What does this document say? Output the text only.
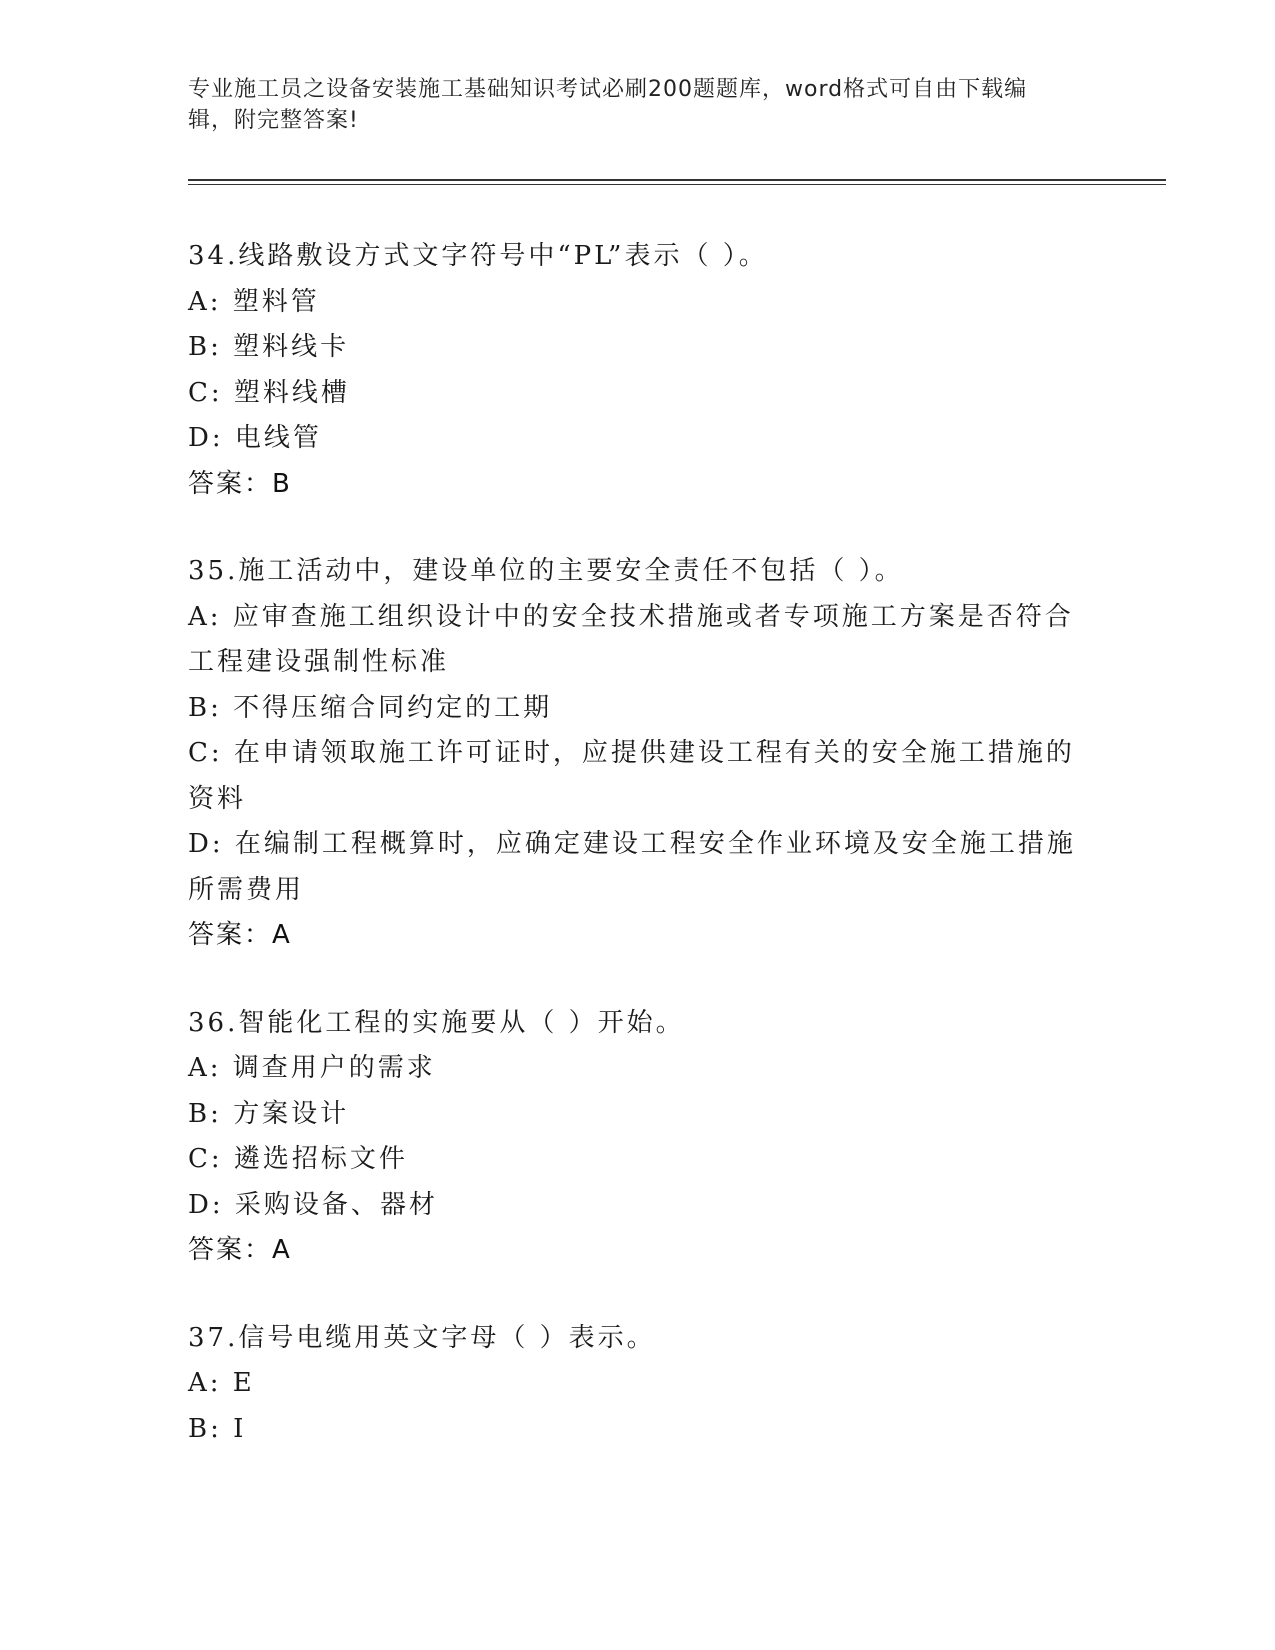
专业施工员之设备安装施工基础知识考试必刷200题题库，word格式可自由下载编辑，附完整答案!
34.线路敷设方式文字符号中“PL”表示（ ）。
A: 塑料管
B: 塑料线卡
C: 塑料线槽
D: 电线管
答案：B
35.施工活动中，建设单位的主要安全责任不包括（ ）。
A: 应审查施工组织设计中的安全技术措施或者专项施工方案是否符合工程建设强制性标准
B: 不得压缩合同约定的工期
C: 在申请领取施工许可证时，应提供建设工程有关的安全施工措施的资料
D: 在编制工程概算时，应确定建设工程安全作业环境及安全施工措施所需费用
答案：A
36.智能化工程的实施要从（ ）开始。
A: 调查用户的需求
B: 方案设计
C: 遴选招标文件
D: 采购设备、器材
答案：A
37.信号电缆用英文字母（ ）表示。
A: E
B: I
